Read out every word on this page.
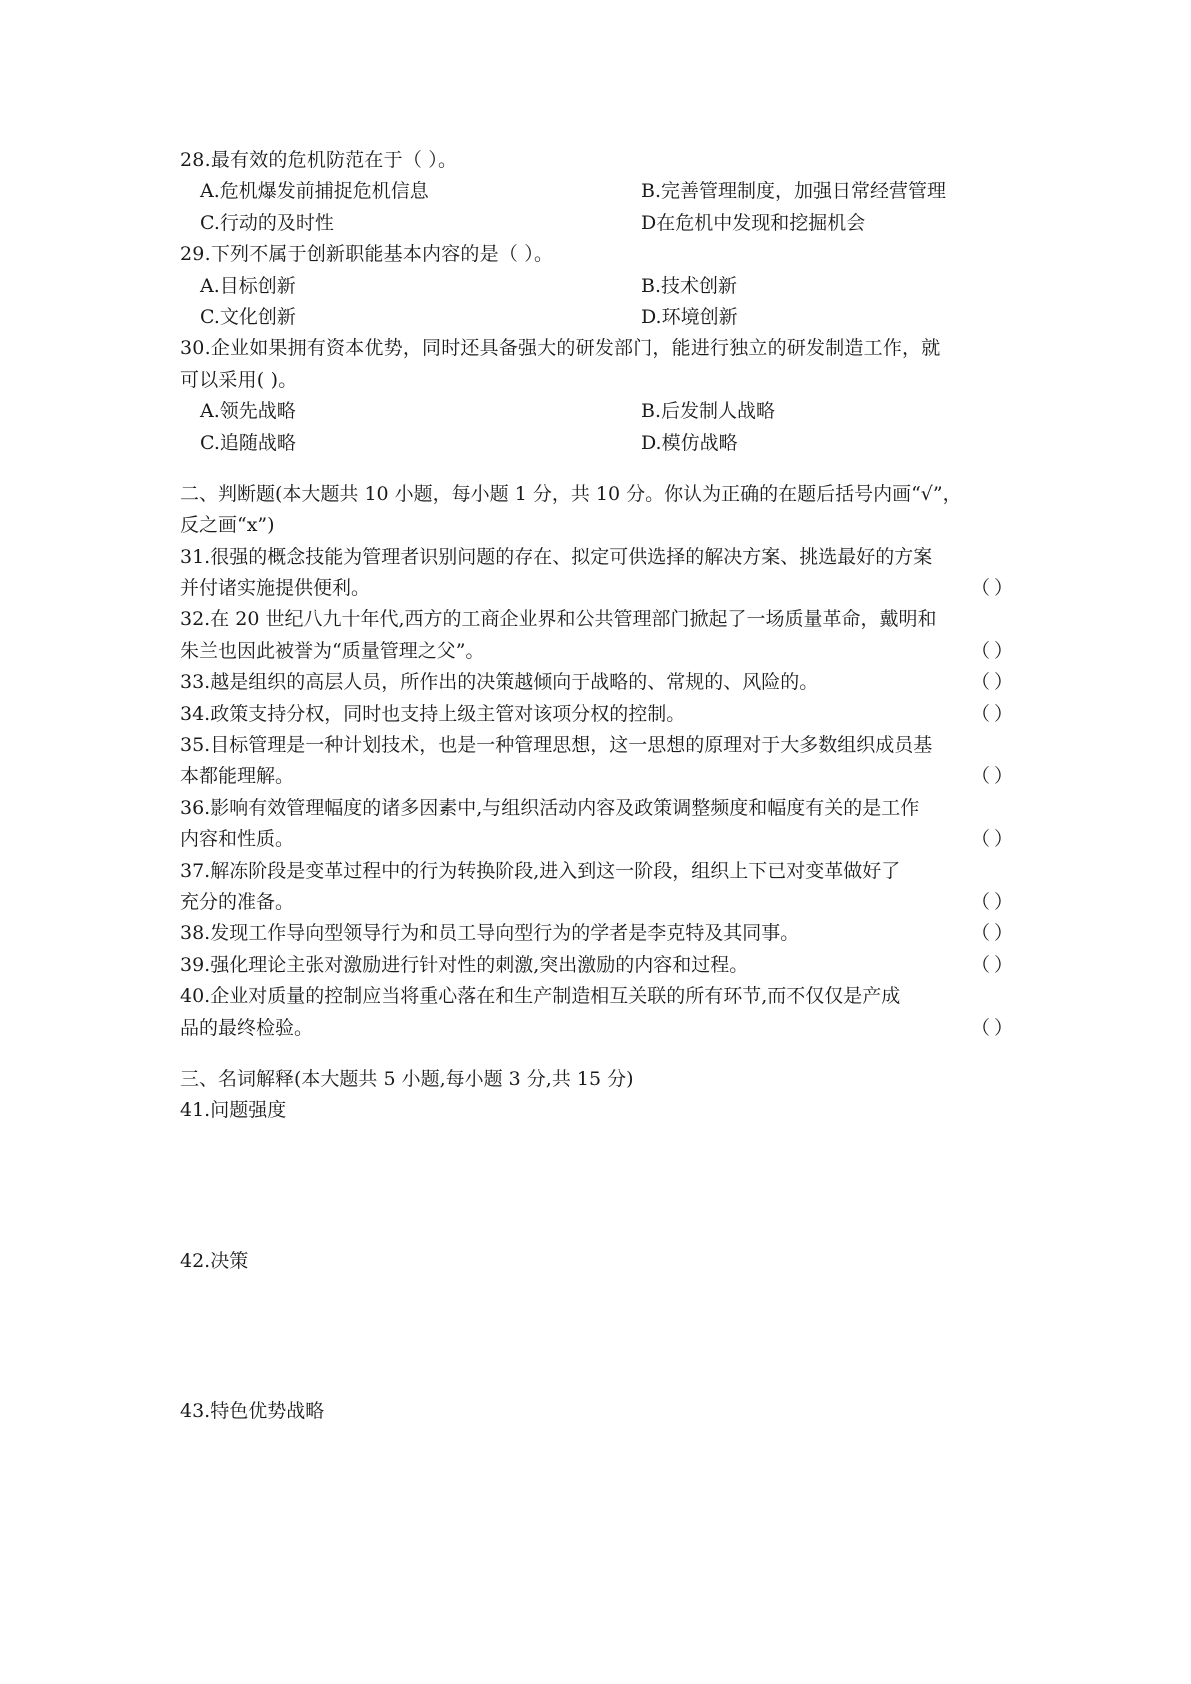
28.最有效的危机防范在于（ ）。
A.危机爆发前捕捉危机信息	B.完善管理制度，加强日常经营管理
C.行动的及时性	D在危机中发现和挖掘机会
29.下列不属于创新职能基本内容的是（ ）。
A.目标创新	B.技术创新
C.文化创新	D.环境创新
30.企业如果拥有资本优势，同时还具备强大的研发部门，能进行独立的研发制造工作，就
可以采用( )。
A.领先战略	B.后发制人战略
C.追随战略	D.模仿战略
二、判断题(本大题共 10 小题，每小题 1 分，共 10 分。你认为正确的在题后括号内画“√”，
反之画“x”)
31.很强的概念技能为管理者识别问题的存在、拟定可供选择的解决方案、挑选最好的方案
并付诸实施提供便利。	（ ）
32.在 20 世纪八九十年代,西方的工商企业界和公共管理部门掀起了一场质量革命，戴明和
朱兰也因此被誉为“质量管理之父”。	（ ）
33.越是组织的高层人员，所作出的决策越倾向于战略的、常规的、风险的。	（ ）
34.政策支持分权，同时也支持上级主管对该项分权的控制。	（ ）
35.目标管理是一种计划技术，也是一种管理思想，这一思想的原理对于大多数组织成员基
本都能理解。	（ ）
36.影响有效管理幅度的诸多因素中,与组织活动内容及政策调整频度和幅度有关的是工作
内容和性质。	（ ）
37.解冻阶段是变革过程中的行为转换阶段,进入到这一阶段，组织上下已对变革做好了
充分的准备。	（ ）
38.发现工作导向型领导行为和员工导向型行为的学者是李克特及其同事。	（ ）
39.强化理论主张对激励进行针对性的刺激,突出激励的内容和过程。	（ ）
40.企业对质量的控制应当将重心落在和生产制造相互关联的所有环节,而不仅仅是产成
品的最终检验。	（ ）
三、名词解释(本大题共 5 小题,每小题 3 分,共 15 分)
41.问题强度
42.决策
43.特色优势战略
